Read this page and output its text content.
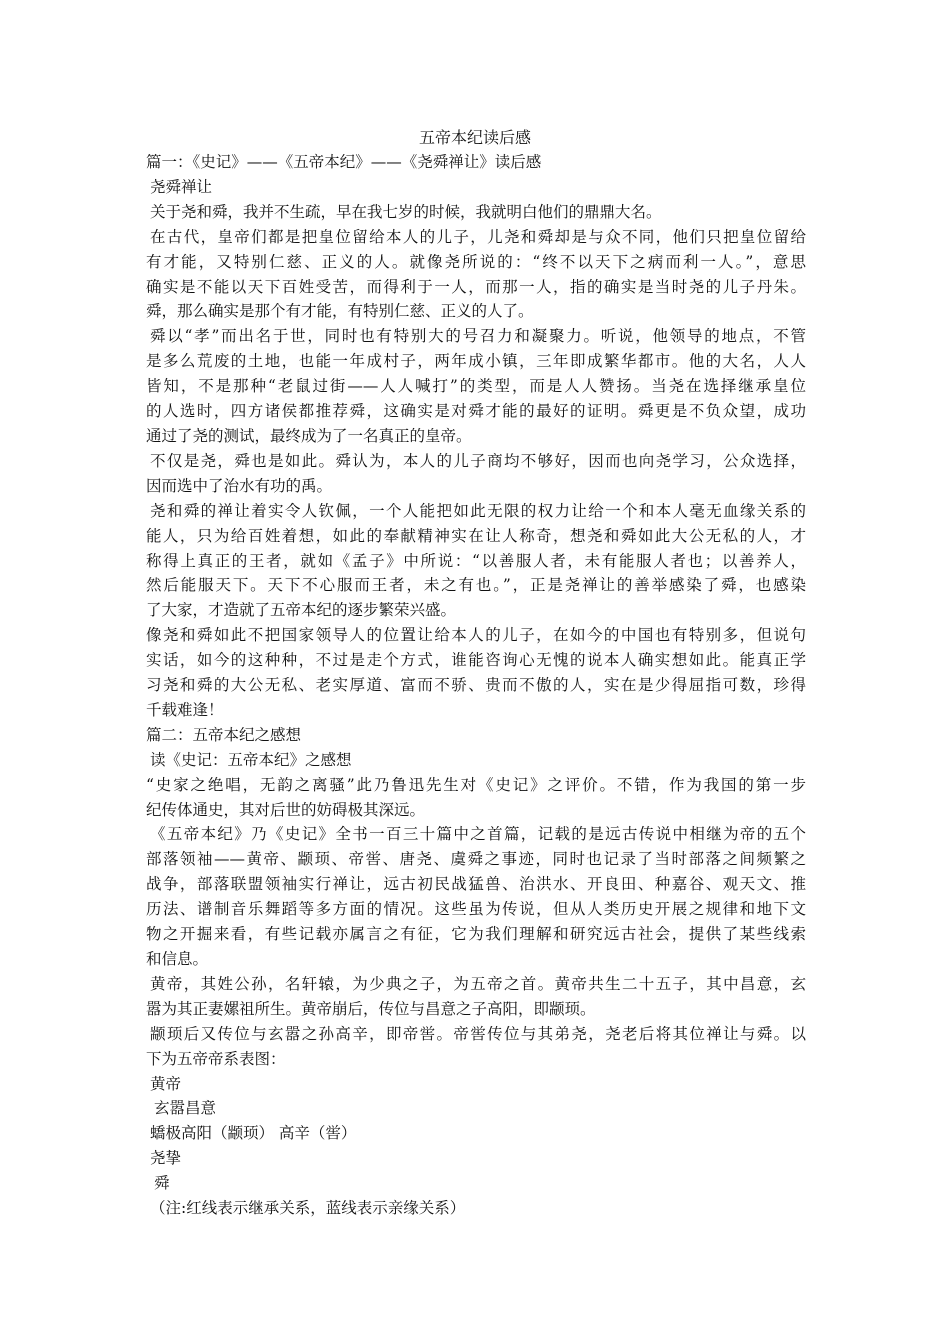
五帝本纪读后感
篇一：《史记》——《五帝本纪》——《尧舜禅让》读后感
尧舜禅让
关于尧和舜，我并不生疏，早在我七岁的时候，我就明白他们的鼎鼎大名。
在古代，皇帝们都是把皇位留给本人的儿子，儿尧和舜却是与众不同，他们只把皇位留给
有才能，又特别仁慈、正义的人。就像尧所说的：“终不以天下之病而利一人。”，意思
确实是不能以天下百姓受苦，而得利于一人，而那一人，指的确实是当时尧的儿子丹朱。
舜，那么确实是那个有才能，有特别仁慈、正义的人了。
舜以“孝”而出名于世，同时也有特别大的号召力和凝聚力。听说，他领导的地点，不管
是多么荒废的土地，也能一年成村子，两年成小镇，三年即成繁华都市。他的大名，人人
皆知，不是那种“老鼠过街——人人喊打”的类型，而是人人赞扬。当尧在选择继承皇位
的人选时，四方诸侯都推荐舜，这确实是对舜才能的最好的证明。舜更是不负众望，成功
通过了尧的测试，最终成为了一名真正的皇帝。
不仅是尧，舜也是如此。舜认为，本人的儿子商均不够好，因而也向尧学习，公众选择，
因而选中了治水有功的禹。
尧和舜的禅让着实令人钦佩，一个人能把如此无限的权力让给一个和本人毫无血缘关系的
能人，只为给百姓着想，如此的奉献精神实在让人称奇，想尧和舜如此大公无私的人，才
称得上真正的王者，就如《孟子》中所说：“以善服人者，未有能服人者也；以善养人，
然后能服天下。天下不心服而王者，未之有也。”，正是尧禅让的善举感染了舜，也感染
了大家，才造就了五帝本纪的逐步繁荣兴盛。
像尧和舜如此不把国家领导人的位置让给本人的儿子，在如今的中国也有特别多，但说句
实话，如今的这种种，不过是走个方式，谁能咨询心无愧的说本人确实想如此。能真正学
习尧和舜的大公无私、老实厚道、富而不骄、贵而不傲的人，实在是少得屈指可数，珍得
千载难逢！
篇二：五帝本纪之感想
读《史记：五帝本纪》之感想
“史家之绝唱，无韵之离骚”此乃鲁迅先生对《史记》之评价。不错，作为我国的第一步
纪传体通史，其对后世的妨碍极其深远。
《五帝本纪》乃《史记》全书一百三十篇中之首篇，记载的是远古传说中相继为帝的五个
部落领袖——黄帝、颛顼、帝喾、唐尧、虞舜之事迹，同时也记录了当时部落之间频繁之
战争，部落联盟领袖实行禅让，远古初民战猛兽、治洪水、开良田、种嘉谷、观天文、推
历法、谱制音乐舞蹈等多方面的情况。这些虽为传说，但从人类历史开展之规律和地下文
物之开掘来看，有些记载亦属言之有征，它为我们理解和研究远古社会，提供了某些线索
和信息。
黄帝，其姓公孙，名轩辕，为少典之子，为五帝之首。黄帝共生二十五子，其中昌意，玄
嚣为其正妻嫘祖所生。黄帝崩后，传位与昌意之子高阳，即颛顼。
颛顼后又传位与玄嚣之孙高辛，即帝喾。帝喾传位与其弟尧，尧老后将其位禅让与舜。以
下为五帝帝系表图：
黄帝
玄嚣昌意
蟜极高阳（颛顼） 高辛（喾）
尧挚
舜
（注:红线表示继承关系，蓝线表示亲缘关系）
